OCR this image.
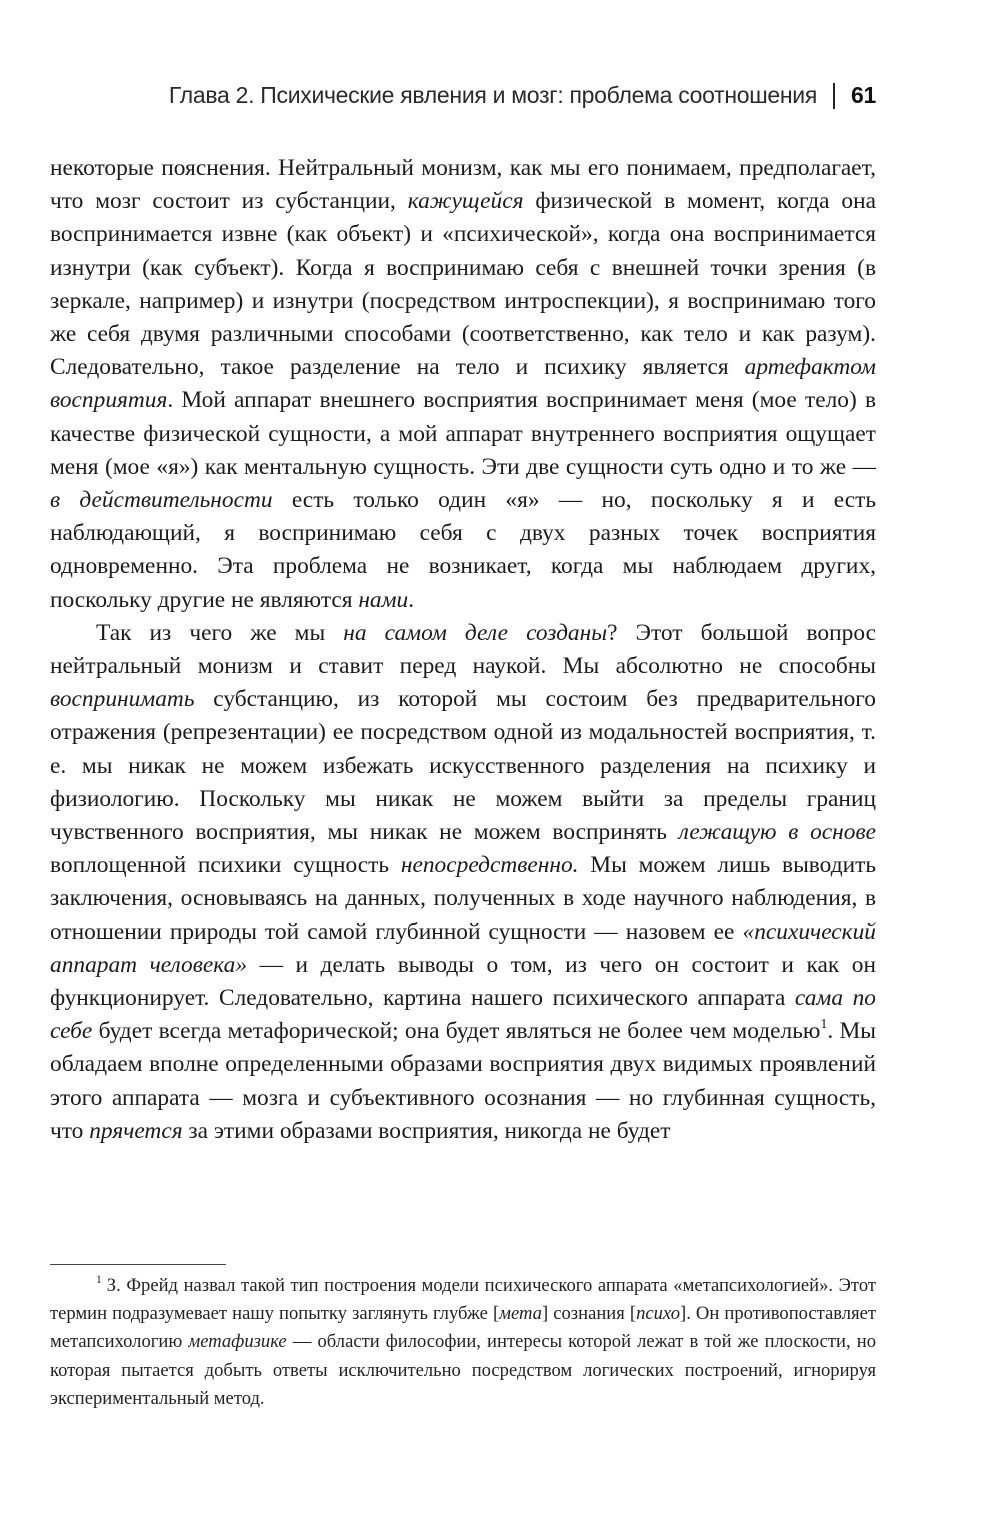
Глава 2. Психические явления и мозг: проблема соотношения 61

некоторые пояснения. Нейтральный монизм, как мы его понимаем, предполагает, что мозг состоит из субстанции, кажущейся физической в момент, когда она воспринимается извне (как объект) и «психической», когда она воспринимается изнутри (как субъект). Когда я воспринимаю себя с внешней точки зрения (в зеркале, например) и изнутри (посредством интроспекции), я воспринимаю того же себя двумя различными способами (соответственно, как тело и как разум). Следовательно, такое разделение на тело и психику является артефактом восприятия. Мой аппарат внешнего восприятия воспринимает меня (мое тело) в качестве физической сущности, а мой аппарат внутреннего восприятия ощущает меня (мое «я») как ментальную сущность. Эти две сущности суть одно и то же — в действительности есть только один «я» — но, поскольку я и есть наблюдающий, я воспринимаю себя с двух разных точек восприятия одновременно. Эта проблема не возникает, когда мы наблюдаем других, поскольку другие не являются нами.

Так из чего же мы на самом деле созданы? Этот большой вопрос нейтральный монизм и ставит перед наукой. Мы абсолютно не способны воспринимать субстанцию, из которой мы состоим без предварительного отражения (репрезентации) ее посредством одной из модальностей восприятия, т. е. мы никак не можем избежать искусственного разделения на психику и физиологию. Поскольку мы никак не можем выйти за пределы границ чувственного восприятия, мы никак не можем воспринять лежащую в основе воплощенной психики сущность непосредственно. Мы можем лишь выводить заключения, основываясь на данных, полученных в ходе научного наблюдения, в отношении природы той самой глубинной сущности — назовем ее «психический аппарат человека» — и делать выводы о том, из чего он состоит и как он функционирует. Следовательно, картина нашего психического аппарата сама по себе будет всегда метафорической; она будет являться не более чем моделью$^1$. Мы обладаем вполне определенными образами восприятия двух видимых проявлений этого аппарата — мозга и субъективного осознания — но глубинная сущность, что прячется за этими образами восприятия, никогда не будет

$^1$ З. Фрейд назвал такой тип построения модели психического аппарата «метапсихологией». Этот термин подразумевает нашу попытку заглянуть глубже [мета] сознания [психо]. Он противопоставляет метапсихологию метафизике — области философии, интересы которой лежат в той же плоскости, но которая пытается добыть ответы исключительно посредством логических построений, игнорируя экспериментальный метод.
